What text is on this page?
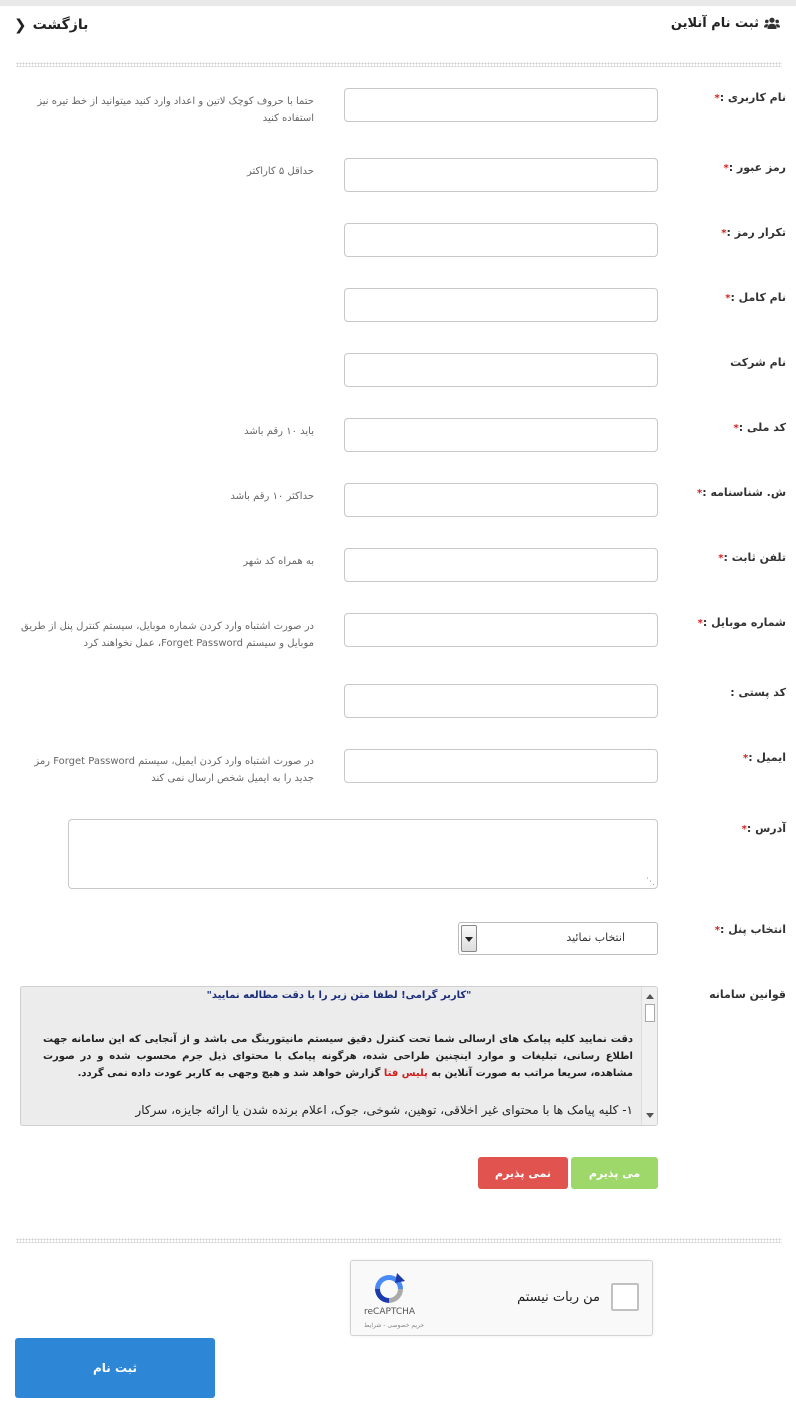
ثبت نام آنلاین
بازگشت
❮
نام کاربری :*
حتما با حروف کوچک لاتین و اعداد وارد کنید میتوانید از خط تیره نیز استفاده کنید
رمز عبور :*
حداقل ۵ کاراکتر
تکرار رمز :*
نام کامل :*
نام شرکت
کد ملی :*
باید ۱۰ رقم باشد
ش. شناسنامه :*
حداکثر ۱۰ رقم باشد
تلفن ثابت :*
به همراه کد شهر
شماره موبایل :*
در صورت اشتباه وارد کردن شماره موبایل، سیستم کنترل پنل از طریق موبایل و سیستم Forget Password، عمل نخواهند کرد
کد پستی :
ایمیل :*
در صورت اشتباه وارد کردن ایمیل، سیستم Forget Password رمز جدید را به ایمیل شخص ارسال نمی کند
آدرس :*
⋰
انتخاب پنل :*
انتخاب نمائید
قوانین سامانه
"کاربر گرامی! لطفا متن زیر را با دقت مطالعه نمایید"
دقت نمایید کلیه پیامک های ارسالی شما تحت کنترل دقیق سیستم مانیتورینگ می باشد و از آنجایی که این سامانه جهت اطلاع رسانی، تبلیغات و موارد اینچنین طراحی شده، هرگونه پیامک با محتوای ذیل جرم محسوب شده و در صورت مشاهده، سریعا مراتب به صورت آنلاین به پلیس فتا گزارش خواهد شد و هیچ وجهی به کاربر عودت داده نمی گردد.
۱- کلیه پیامک ها با محتوای غیر اخلاقی، توهین، شوخی، جوک، اعلام برنده شدن یا ارائه جایزه، سرکار
می پذیرم
نمی پذیرم
من ربات نیستم
reCAPTCHA
حریم خصوصی - شرایط
ثبت نام
